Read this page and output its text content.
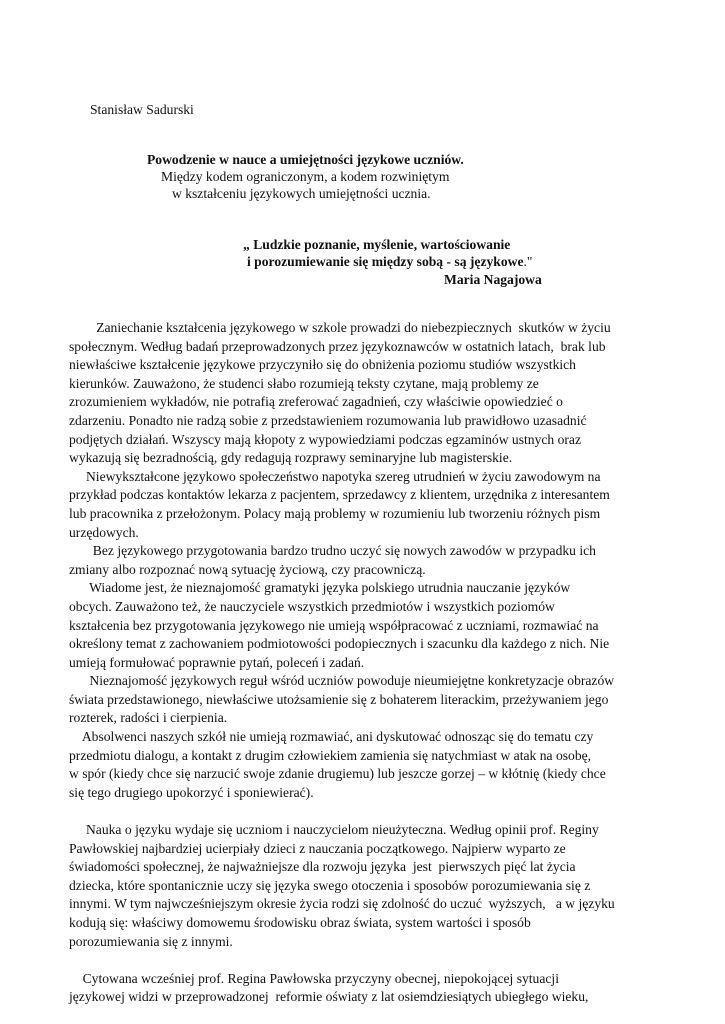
Stanisław Sadurski
Powodzenie w nauce a umiejętności językowe uczniów.
Między kodem ograniczonym, a kodem rozwiniętym
w kształceniu językowych umiejętności ucznia.
„ Ludzkie poznanie, myślenie, wartościowanie
i porozumiewanie się między sobą - są językowe."
Maria Nagajowa
Zaniechanie kształcenia językowego w szkole prowadzi do niebezpiecznych  skutków w życiu
społecznym. Według badań przeprowadzonych przez językoznawców w ostatnich latach,  brak lub
niewłaściwe kształcenie językowe przyczyniło się do obniżenia poziomu studiów wszystkich
kierunków. Zauważono, że studenci słabo rozumieją teksty czytane, mają problemy ze
zrozumieniem wykładów, nie potrafią zreferować zagadnień, czy właściwie opowiedzieć o
zdarzeniu. Ponadto nie radzą sobie z przedstawieniem rozumowania lub prawidłowo uzasadnić
podjętych działań. Wszyscy mają kłopoty z wypowiedziami podczas egzaminów ustnych oraz
wykazują się bezradnością, gdy redagują rozprawy seminaryjne lub magisterskie.
Niewykształcone językowo społeczeństwo napotyka szereg utrudnień w życiu zawodowym na
przykład podczas kontaktów lekarza z pacjentem, sprzedawcy z klientem, urzędnika z interesantem
lub pracownika z przełożonym. Polacy mają problemy w rozumieniu lub tworzeniu różnych pism
urzędowych.
Bez językowego przygotowania bardzo trudno uczyć się nowych zawodów w przypadku ich
zmiany albo rozpoznać nową sytuację życiową, czy pracowniczą.
Wiadome jest, że nieznajomość gramatyki języka polskiego utrudnia nauczanie języków
obcych. Zauważono też, że nauczyciele wszystkich przedmiotów i wszystkich poziomów
kształcenia bez przygotowania językowego nie umieją współpracować z uczniami, rozmawiać na
określony temat z zachowaniem podmiotowości podopiecznych i szacunku dla każdego z nich. Nie
umieją formułować poprawnie pytań, poleceń i zadań.
Nieznajomość językowych reguł wśród uczniów powoduje nieumiejętne konkretyzacje obrazów
świata przedstawionego, niewłaściwe utożsamienie się z bohaterem literackim, przeżywaniem jego
rozterek, radości i cierpienia.
Absolwenci naszych szkół nie umieją rozmawiać, ani dyskutować odnosząc się do tematu czy
przedmiotu dialogu, a kontakt z drugim człowiekiem zamienia się natychmiast w atak na osobę,
w spór (kiedy chce się narzucić swoje zdanie drugiemu) lub jeszcze gorzej – w kłótnię (kiedy chce
się tego drugiego upokorzyć i sponiewierać).
Nauka o języku wydaje się uczniom i nauczycielom nieużyteczna. Według opinii prof. Reginy
Pawłowskiej najbardziej ucierpiały dzieci z nauczania początkowego. Najpierw wyparto ze
świadomości społecznej, że najważniejsze dla rozwoju języka  jest  pierwszych pięć lat życia
dziecka, które spontanicznie uczy się języka swego otoczenia i sposobów porozumiewania się z
innymi. W tym najwcześniejszym okresie życia rodzi się zdolność do uczuć  wyższych,   a w języku
kodują się: właściwy domowemu środowisku obraz świata, system wartości i sposób
porozumiewania się z innymi.
Cytowana wcześniej prof. Regina Pawłowska przyczyny obecnej, niepokojącej sytuacji
językowej widzi w przeprowadzonej  reformie oświaty z lat osiemdziesiątych ubiegłego wieku,
